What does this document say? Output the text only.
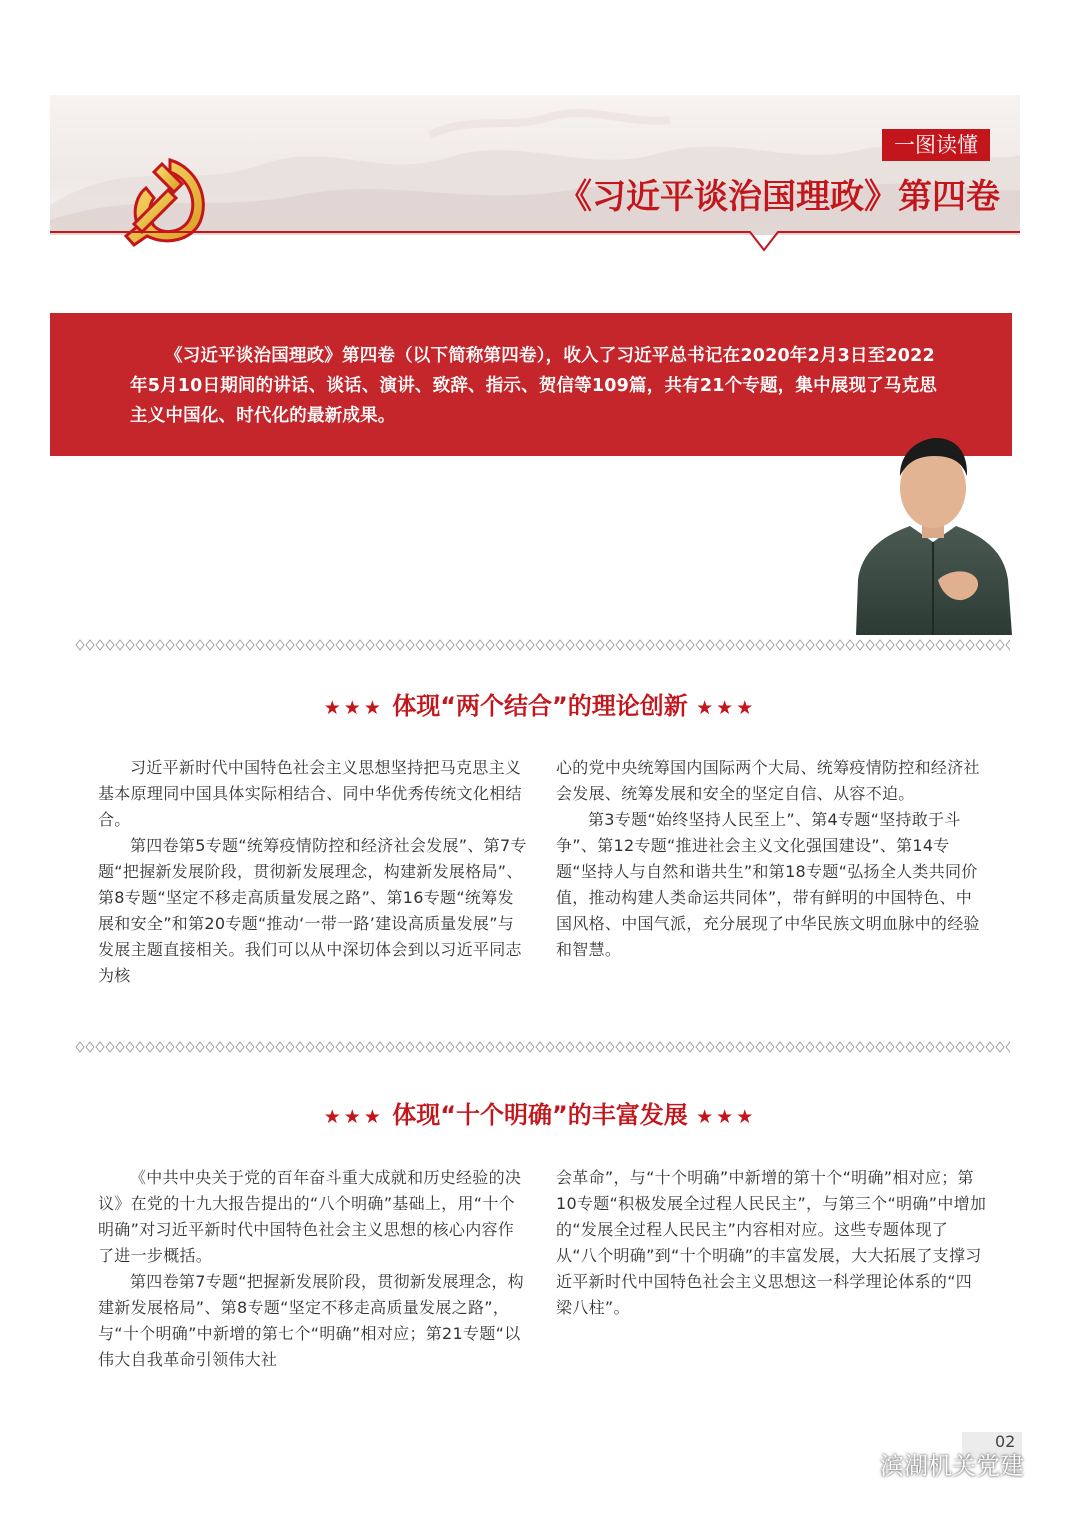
一图读懂
《习近平谈治国理政》第四卷

《习近平谈治国理政》第四卷（以下简称第四卷），收入了习近平总书记在2020年2月3日至2022年5月10日期间的讲话、谈话、演讲、致辞、指示、贺信等109篇，共有21个专题，集中展现了马克思主义中国化、时代化的最新成果。

★★★ 体现“两个结合”的理论创新 ★★★

习近平新时代中国特色社会主义思想坚持把马克思主义基本原理同中国具体实际相结合、同中华优秀传统文化相结合。

第四卷第5专题“统筹疫情防控和经济社会发展”、第7专题“把握新发展阶段，贯彻新发展理念，构建新发展格局”、第8专题“坚定不移走高质量发展之路”、第16专题“统筹发展和安全”和第20专题“推动‘一带一路’建设高质量发展”与发展主题直接相关。我们可以从中深切体会到以习近平同志为核

心的党中央统筹国内国际两个大局、统筹疫情防控和经济社会发展、统筹发展和安全的坚定自信、从容不迫。

第3专题“始终坚持人民至上”、第4专题“坚持敢于斗争”、第12专题“推进社会主义文化强国建设”、第14专题“坚持人与自然和谐共生”和第18专题“弘扬全人类共同价值，推动构建人类命运共同体”，带有鲜明的中国特色、中国风格、中国气派，充分展现了中华民族文明血脉中的经验和智慧。

★★★ 体现“十个明确”的丰富发展 ★★★

《中共中央关于党的百年奋斗重大成就和历史经验的决议》在党的十九大报告提出的“八个明确”基础上，用“十个明确”对习近平新时代中国特色社会主义思想的核心内容作了进一步概括。

第四卷第7专题“把握新发展阶段，贯彻新发展理念，构建新发展格局”、第8专题“坚定不移走高质量发展之路”，与“十个明确”中新增的第七个“明确”相对应；第21专题“以伟大自我革命引领伟大社

会革命”，与“十个明确”中新增的第十个“明确”相对应；第10专题“积极发展全过程人民民主”，与第三个“明确”中增加的“发展全过程人民民主”内容相对应。这些专题体现了从“八个明确”到“十个明确”的丰富发展，大大拓展了支撑习近平新时代中国特色社会主义思想这一科学理论体系的“四梁八柱”。

02
滨湖机关党建
